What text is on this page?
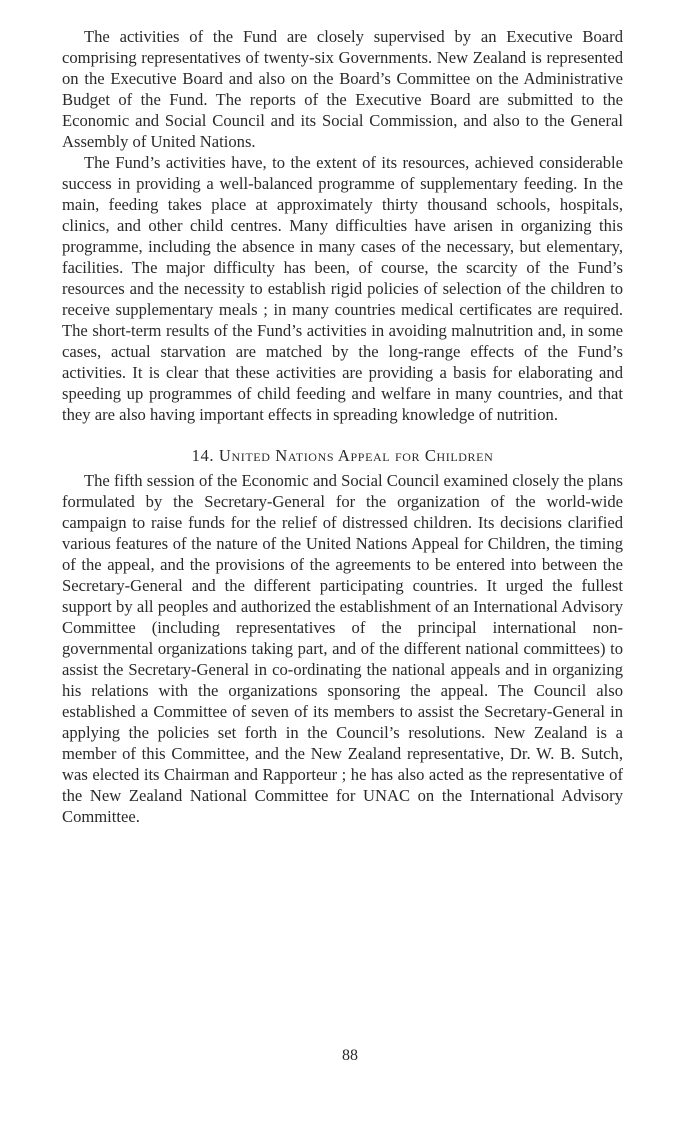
The activities of the Fund are closely supervised by an Executive Board comprising representatives of twenty-six Governments. New Zealand is represented on the Executive Board and also on the Board’s Committee on the Administrative Budget of the Fund. The reports of the Executive Board are submitted to the Economic and Social Council and its Social Commission, and also to the General Assembly of United Nations.

The Fund’s activities have, to the extent of its resources, achieved considerable success in providing a well-balanced programme of supplementary feeding. In the main, feeding takes place at approximately thirty thousand schools, hospitals, clinics, and other child centres. Many difficulties have arisen in organizing this programme, including the absence in many cases of the necessary, but elementary, facilities. The major difficulty has been, of course, the scarcity of the Fund’s resources and the necessity to establish rigid policies of selection of the children to receive supplementary meals ; in many countries medical certificates are required. The short-term results of the Fund’s activities in avoiding malnutrition and, in some cases, actual starvation are matched by the long-range effects of the Fund’s activities. It is clear that these activities are providing a basis for elaborating and speeding up programmes of child feeding and welfare in many countries, and that they are also having important effects in spreading knowledge of nutrition.

14. United Nations Appeal for Children

The fifth session of the Economic and Social Council examined closely the plans formulated by the Secretary-General for the organization of the world-wide campaign to raise funds for the relief of distressed children. Its decisions clarified various features of the nature of the United Nations Appeal for Children, the timing of the appeal, and the provisions of the agreements to be entered into between the Secretary-General and the different participating countries. It urged the fullest support by all peoples and authorized the establishment of an International Advisory Committee (including representatives of the principal international non-governmental organizations taking part, and of the different national committees) to assist the Secretary-General in co-ordinating the national appeals and in organizing his relations with the organizations sponsoring the appeal. The Council also established a Committee of seven of its members to assist the Secretary-General in applying the policies set forth in the Council’s resolutions. New Zealand is a member of this Committee, and the New Zealand representative, Dr. W. B. Sutch, was elected its Chairman and Rapporteur ; he has also acted as the representative of the New Zealand National Committee for UNAC on the International Advisory Committee.

88
